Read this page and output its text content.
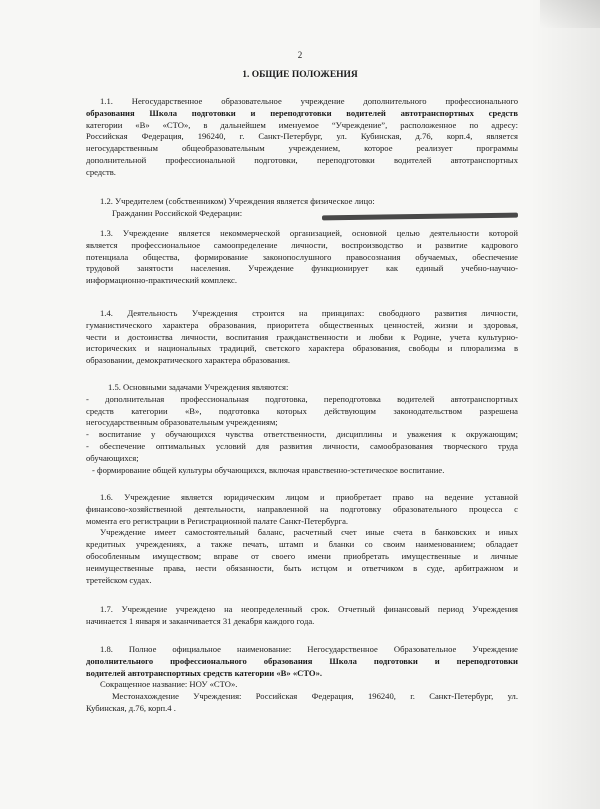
2
1. ОБЩИЕ ПОЛОЖЕНИЯ
1.1. Негосударственное образовательное учреждение дополнительного профессионального
образования Школа подготовки и переподготовки водителей автотранспортных средств
категории «В» «СТО», в дальнейшем именуемое “Учреждение”, расположенное по адресу:
Российская Федерация, 196240, г. Санкт-Петербург, ул. Кубинская, д.76, корп.4, является
негосударственным общеобразовательным учреждением, которое реализует программы
дополнительной профессиональной подготовки, переподготовки водителей автотранспортных
средств.
1.2. Учредителем (собственником) Учреждения является физическое лицо:
Гражданин Российской Федерации:
1.3. Учреждение является некоммерческой организацией, основной целью деятельности которой
является профессиональное самоопределение личности, воспроизводство и развитие кадрового
потенциала общества, формирование законопослушного правосознания обучаемых, обеспечение
трудовой занятости населения. Учреждение функционирует как единый учебно-научно-
информационно-практический комплекс.
1.4. Деятельность Учреждения строится на принципах: свободного развития личности,
гуманистического характера образования, приоритета общественных ценностей, жизни и здоровья,
чести и достоинства личности, воспитания гражданственности и любви к Родине, учета культурно-
исторических и национальных традиций, светского характера образования, свободы и плюрализма в
образовании, демократического характера образования.
1.5. Основными задачами Учреждения являются:
- дополнительная профессиональная подготовка, переподготовка водителей автотранспортных
средств категории «В», подготовка которых действующим законодательством разрешена
негосударственным образовательным учреждениям;
- воспитание у обучающихся чувства ответственности, дисциплины и уважения к окружающим;
- обеспечение оптимальных условий для развития личности, самообразования творческого труда
обучающихся;
- формирование общей культуры обучающихся, включая нравственно-эстетическое воспитание.
1.6. Учреждение является юридическим лицом и приобретает право на ведение уставной
финансово-хозяйственной деятельности, направленной на подготовку образовательного процесса с
момента его регистрации в Регистрационной палате Санкт-Петербурга.
Учреждение имеет самостоятельный баланс, расчетный счет иные счета в банковских и иных
кредитных учреждениях, а также печать, штамп и бланки со своим наименованием; обладает
обособленным имуществом; вправе от своего имени приобретать имущественные и личные
неимущественные права, нести обязанности, быть истцом и ответчиком в суде, арбитражном и
третейском судах.
1.7. Учреждение учреждено на неопределенный срок. Отчетный финансовый период Учреждения
начинается 1 января и заканчивается 31 декабря каждого года.
1.8. Полное официальное наименование: Негосударственное Образовательное Учреждение
дополнительного профессионального образования Школа подготовки и переподготовки
водителей автотранспортных средств категории «В» «СТО».
Сокращенное название: НОУ «СТО».
Местонахождение Учреждения: Российская Федерация, 196240, г. Санкт-Петербург, ул.
Кубинская, д.76, корп.4 .
